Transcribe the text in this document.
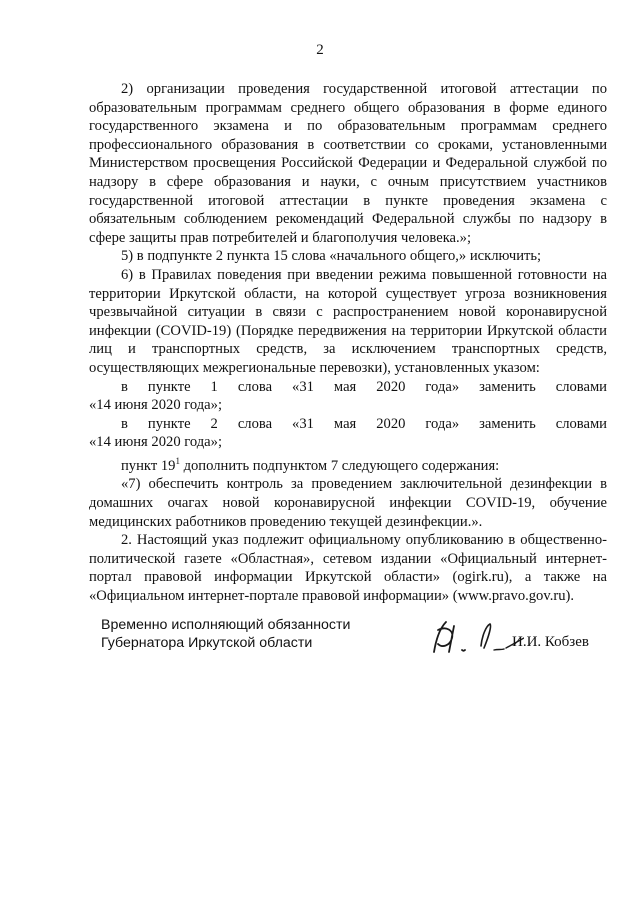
2

2) организации проведения государственной итоговой аттестации по образовательным программам среднего общего образования в форме единого государственного экзамена и по образовательным программам среднего профессионального образования в соответствии со сроками, установленными Министерством просвещения Российской Федерации и Федеральной службой по надзору в сфере образования и науки, с очным присутствием участников государственной итоговой аттестации в пункте проведения экзамена с обязательным соблюдением рекомендаций Федеральной службы по надзору в сфере защиты прав потребителей и благополучия человека.»;

5) в подпункте 2 пункта 15 слова «начального общего,» исключить;

6) в Правилах поведения при введении режима повышенной готовности на территории Иркутской области, на которой существует угроза возникновения чрезвычайной ситуации в связи с распространением новой коронавирусной инфекции (COVID-19) (Порядке передвижения на территории Иркутской области лиц и транспортных средств, за исключением транспортных средств, осуществляющих межрегиональные перевозки), установленных указом:

в пункте 1 слова «31 мая 2020 года» заменить словами

«14 июня 2020 года»;

в пункте 2 слова «31 мая 2020 года» заменить словами

«14 июня 2020 года»;

пункт $19^1$ дополнить подпунктом 7 следующего содержания:

«7) обеспечить контроль за проведением заключительной дезинфекции в домашних очагах новой коронавирусной инфекции COVID-19, обучение медицинских работников проведению текущей дезинфекции.».

2. Настоящий указ подлежит официальному опубликованию в общественно-политической газете «Областная», сетевом издании «Официальный интернет-портал правовой информации Иркутской области» (ogirk.ru), а также на «Официальном интернет-портале правовой информации» (www.pravo.gov.ru).

Временно исполняющий обязанности
Губернатора Иркутской области	И.И. Кобзев
